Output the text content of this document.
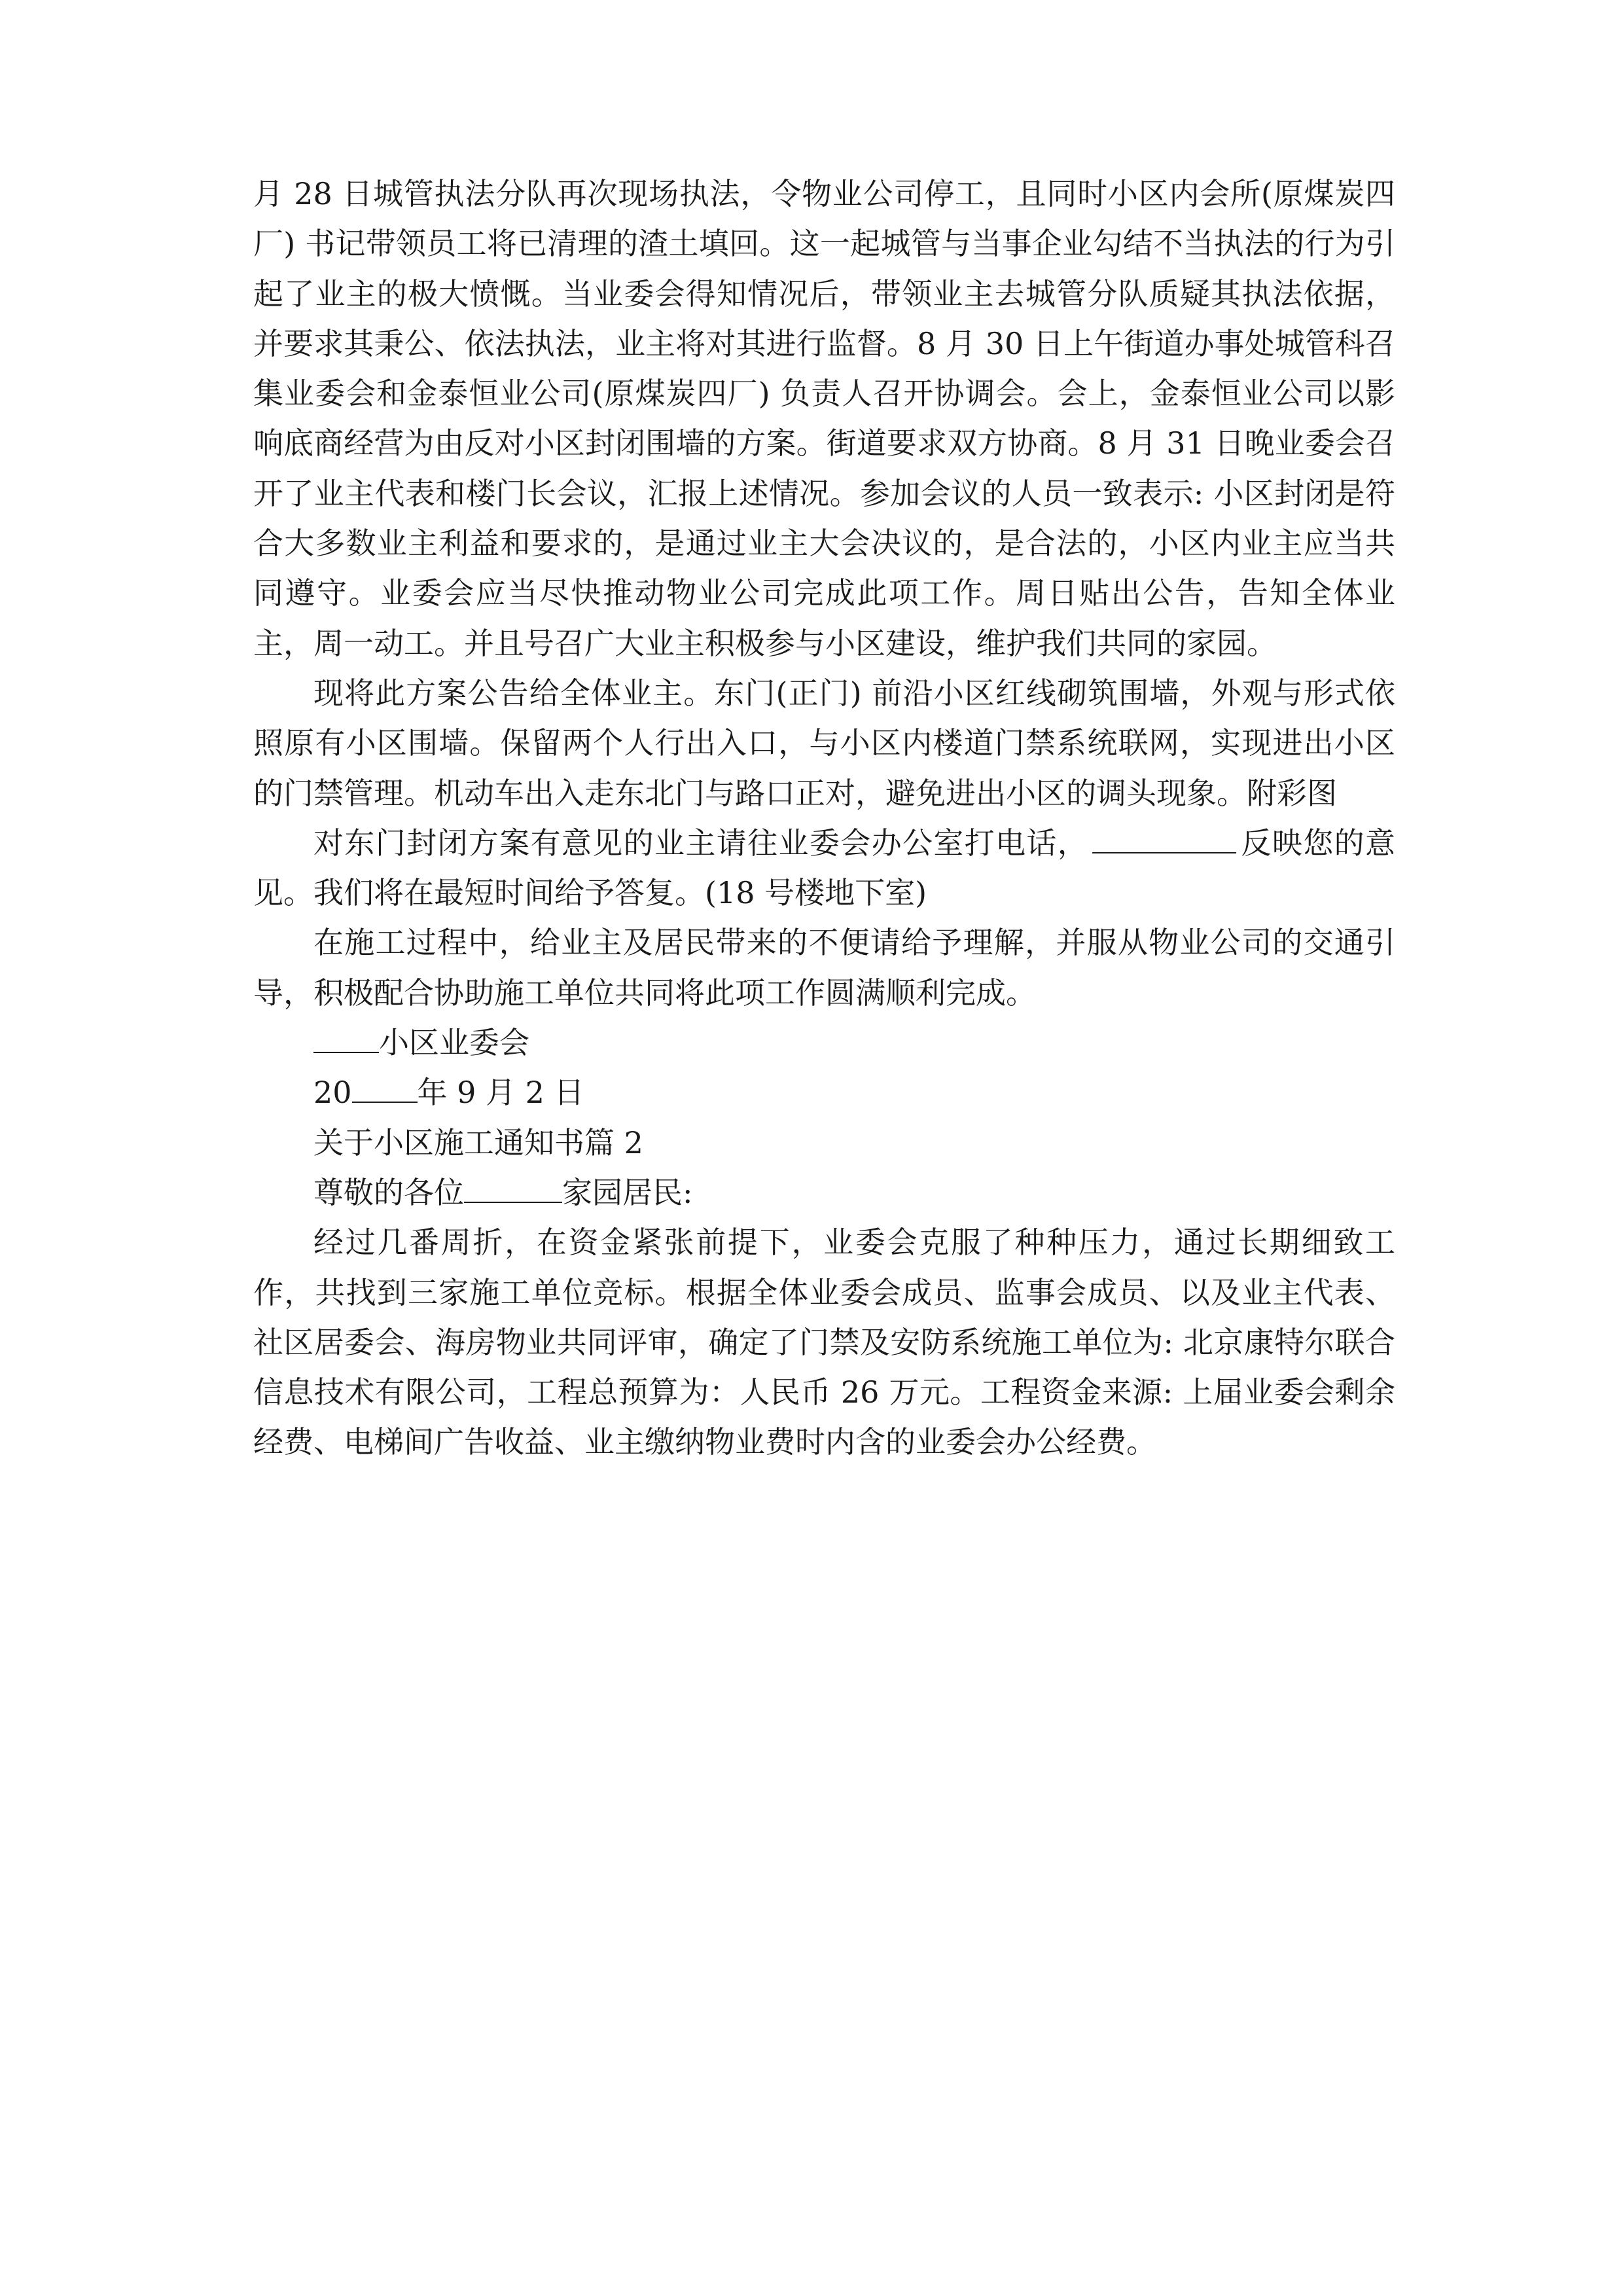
月 28 日城管执法分队再次现场执法，令物业公司停工，且同时小区内会所(原煤炭四厂) 书记带领员工将已清理的渣土填回。这一起城管与当事企业勾结不当执法的行为引起了业主的极大愤慨。当业委会得知情况后，带领业主去城管分队质疑其执法依据，并要求其秉公、依法执法，业主将对其进行监督。8 月 30 日上午街道办事处城管科召集业委会和金泰恒业公司(原煤炭四厂) 负责人召开协调会。会上，金泰恒业公司以影响底商经营为由反对小区封闭围墙的方案。街道要求双方协商。8 月 31 日晚业委会召开了业主代表和楼门长会议，汇报上述情况。参加会议的人员一致表示: 小区封闭是符合大多数业主利益和要求的，是通过业主大会决议的，是合法的，小区内业主应当共同遵守。业委会应当尽快推动物业公司完成此项工作。周日贴出公告，告知全体业主，周一动工。并且号召广大业主积极参与小区建设，维护我们共同的家园。

现将此方案公告给全体业主。东门(正门) 前沿小区红线砌筑围墙，外观与形式依照原有小区围墙。保留两个人行出入口，与小区内楼道门禁系统联网，实现进出小区的门禁管理。机动车出入走东北门与路口正对，避免进出小区的调头现象。附彩图

对东门封闭方案有意见的业主请往业委会办公室打电话，	反映您的意见。我们将在最短时间给予答复。(18 号楼地下室)

在施工过程中，给业主及居民带来的不便请给予理解，并服从物业公司的交通引导，积极配合协助施工单位共同将此项工作圆满顺利完成。

小区业委会

20 年 9 月 2 日

关于小区施工通知书篇 2

尊敬的各位	家园居民:

经过几番周折，在资金紧张前提下，业委会克服了种种压力，通过长期细致工作，共找到三家施工单位竞标。根据全体业委会成员、监事会成员、以及业主代表、社区居委会、海房物业共同评审，确定了门禁及安防系统施工单位为: 北京康特尔联合信息技术有限公司，工程总预算为：人民币 26 万元。工程资金来源: 上届业委会剩余经费、电梯间广告收益、业主缴纳物业费时内含的业委会办公经费。
